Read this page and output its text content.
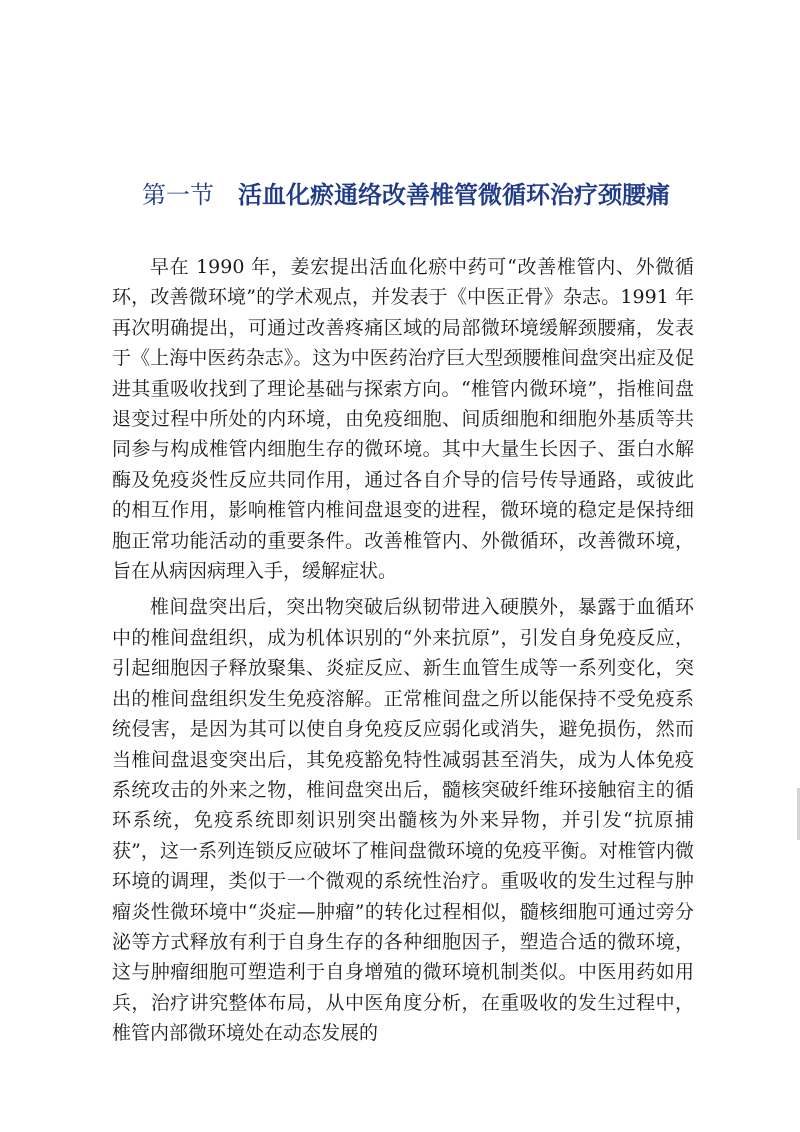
第一节 活血化瘀通络改善椎管微循环治疗颈腰痛

早在 1990 年，姜宏提出活血化瘀中药可“改善椎管内、外微循环，改善微环境”的学术观点，并发表于《中医正骨》杂志。1991 年再次明确提出，可通过改善疼痛区域的局部微环境缓解颈腰痛，发表于《上海中医药杂志》。这为中医药治疗巨大型颈腰椎间盘突出症及促进其重吸收找到了理论基础与探索方向。“椎管内微环境”，指椎间盘退变过程中所处的内环境，由免疫细胞、间质细胞和细胞外基质等共同参与构成椎管内细胞生存的微环境。其中大量生长因子、蛋白水解酶及免疫炎性反应共同作用，通过各自介导的信号传导通路，或彼此的相互作用，影响椎管内椎间盘退变的进程，微环境的稳定是保持细胞正常功能活动的重要条件。改善椎管内、外微循环，改善微环境，旨在从病因病理入手，缓解症状。

椎间盘突出后，突出物突破后纵韧带进入硬膜外，暴露于血循环中的椎间盘组织，成为机体识别的“外来抗原”，引发自身免疫反应，引起细胞因子释放聚集、炎症反应、新生血管生成等一系列变化，突出的椎间盘组织发生免疫溶解。正常椎间盘之所以能保持不受免疫系统侵害，是因为其可以使自身免疫反应弱化或消失，避免损伤，然而当椎间盘退变突出后，其免疫豁免特性减弱甚至消失，成为人体免疫系统攻击的外来之物，椎间盘突出后，髓核突破纤维环接触宿主的循环系统，免疫系统即刻识别突出髓核为外来异物，并引发“抗原捕获”，这一系列连锁反应破坏了椎间盘微环境的免疫平衡。对椎管内微环境的调理，类似于一个微观的系统性治疗。重吸收的发生过程与肿瘤炎性微环境中“炎症—肿瘤”的转化过程相似，髓核细胞可通过旁分泌等方式释放有利于自身生存的各种细胞因子，塑造合适的微环境，这与肿瘤细胞可塑造利于自身增殖的微环境机制类似。中医用药如用兵，治疗讲究整体布局，从中医角度分析，在重吸收的发生过程中，椎管内部微环境处在动态发展的
